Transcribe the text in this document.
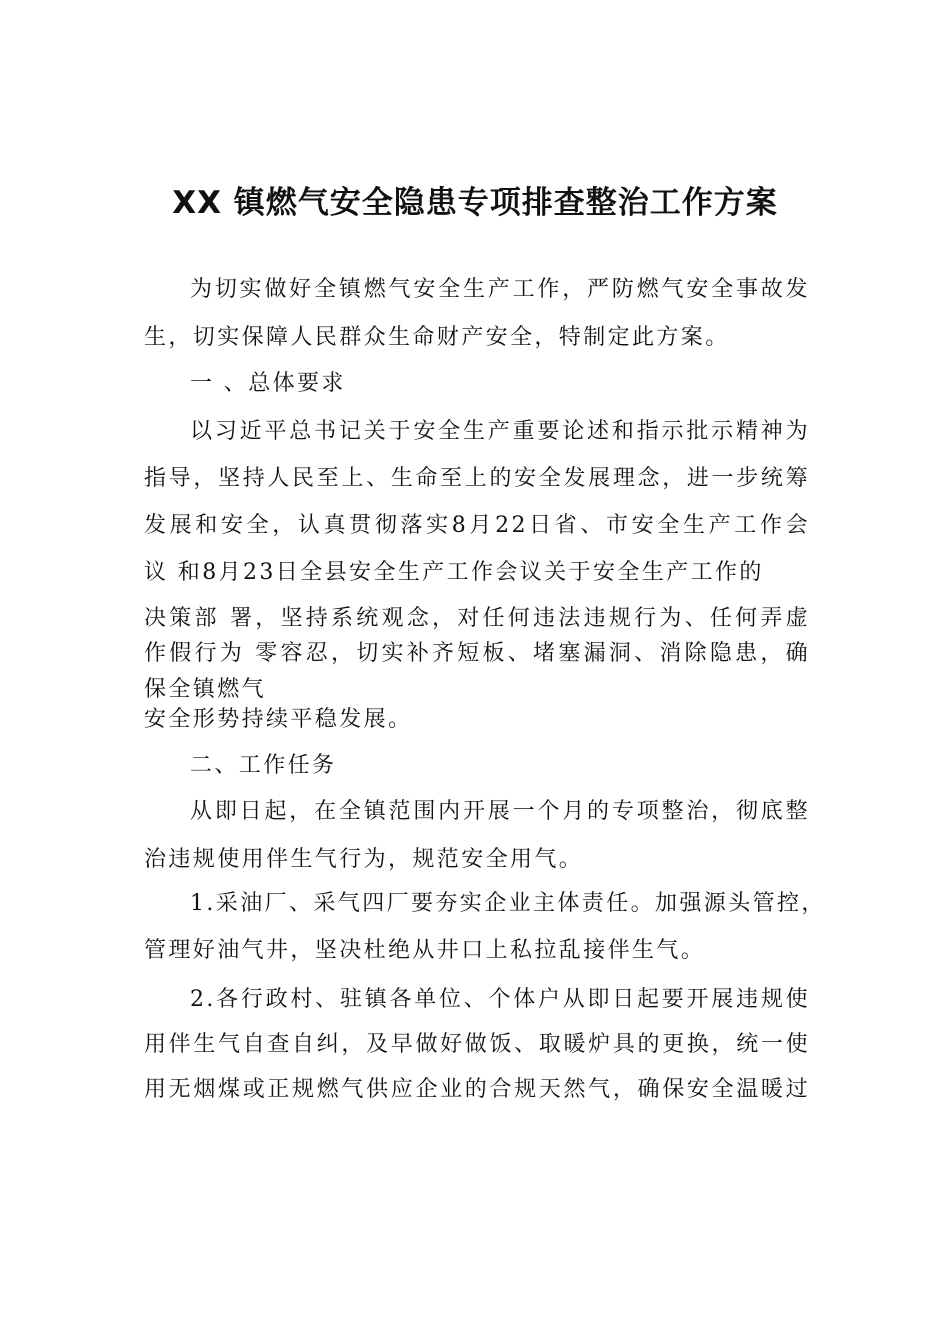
XX 镇燃气安全隐患专项排查整治工作方案

为切实做好全镇燃气安全生产工作，严防燃气安全事故发

生，切实保障人民群众生命财产安全，特制定此方案。

一 、总体要求

以习近平总书记关于安全生产重要论述和指示批示精神为

指导，坚持人民至上、生命至上的安全发展理念，进一步统筹

发展和安全，认真贯彻落实8月22日省、市安全生产工作会

议 和8月23日全县安全生产工作会议关于安全生产工作的

决策部 署，坚持系统观念，对任何违法违规行为、任何弄虚

作假行为 零容忍，切实补齐短板、堵塞漏洞、消除隐患，确

保全镇燃气

安全形势持续平稳发展。

二、工作任务

从即日起，在全镇范围内开展一个月的专项整治，彻底整

治违规使用伴生气行为，规范安全用气。

1.采油厂、采气四厂要夯实企业主体责任。加强源头管控，

管理好油气井，坚决杜绝从井口上私拉乱接伴生气。

2.各行政村、驻镇各单位、个体户从即日起要开展违规使

用伴生气自查自纠，及早做好做饭、取暖炉具的更换，统一使

用无烟煤或正规燃气供应企业的合规天然气，确保安全温暖过
